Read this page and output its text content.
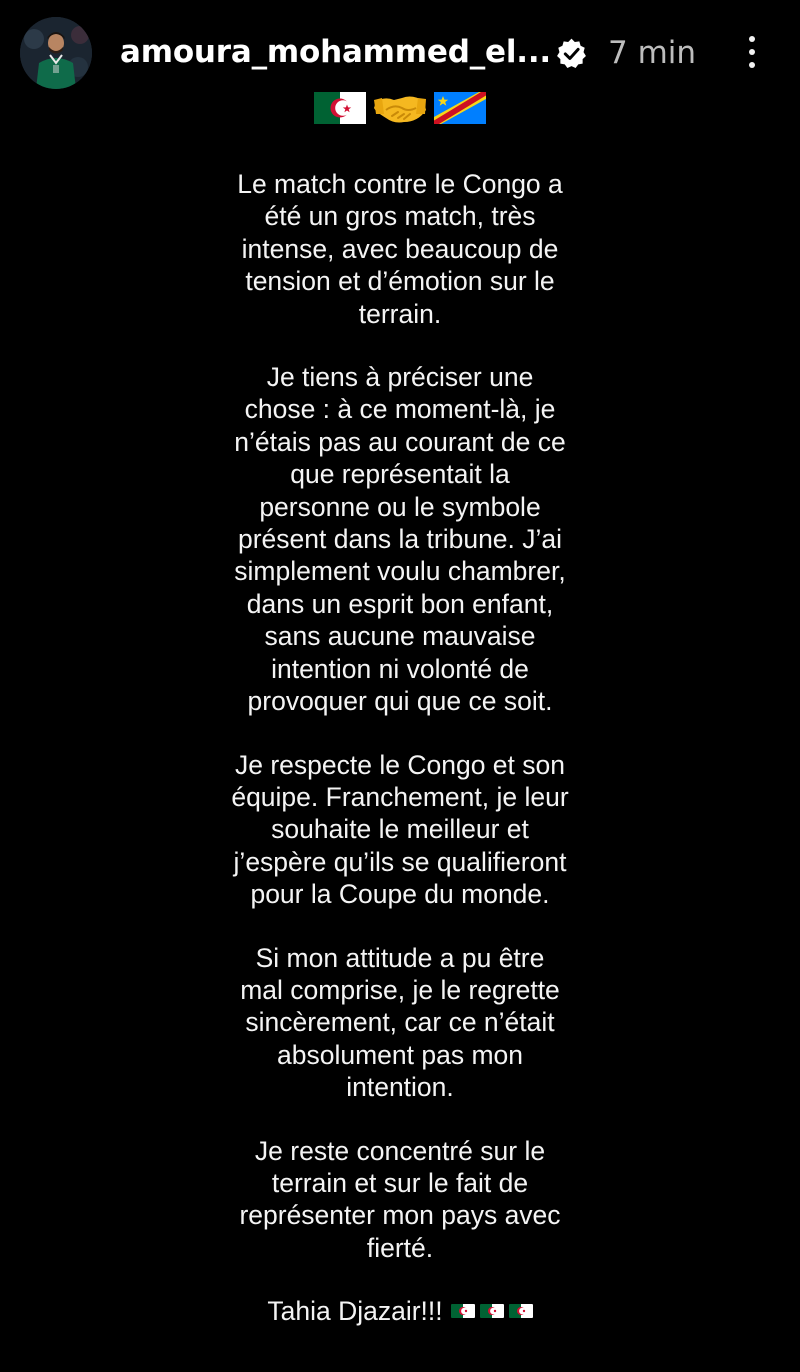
amoura_mohammed_el... 7 min

Le match contre le Congo a
été un gros match, très
intense, avec beaucoup de
tension et d’émotion sur le
terrain.

Je tiens à préciser une
chose : à ce moment-là, je
n’étais pas au courant de ce
que représentait la
personne ou le symbole
présent dans la tribune. J’ai
simplement voulu chambrer,
dans un esprit bon enfant,
sans aucune mauvaise
intention ni volonté de
provoquer qui que ce soit.

Je respecte le Congo et son
équipe. Franchement, je leur
souhaite le meilleur et
j’espère qu’ils se qualifieront
pour la Coupe du monde.

Si mon attitude a pu être
mal comprise, je le regrette
sincèrement, car ce n’était
absolument pas mon
intention.

Je reste concentré sur le
terrain et sur le fait de
représenter mon pays avec
fierté.

Tahia Djazair!!!
